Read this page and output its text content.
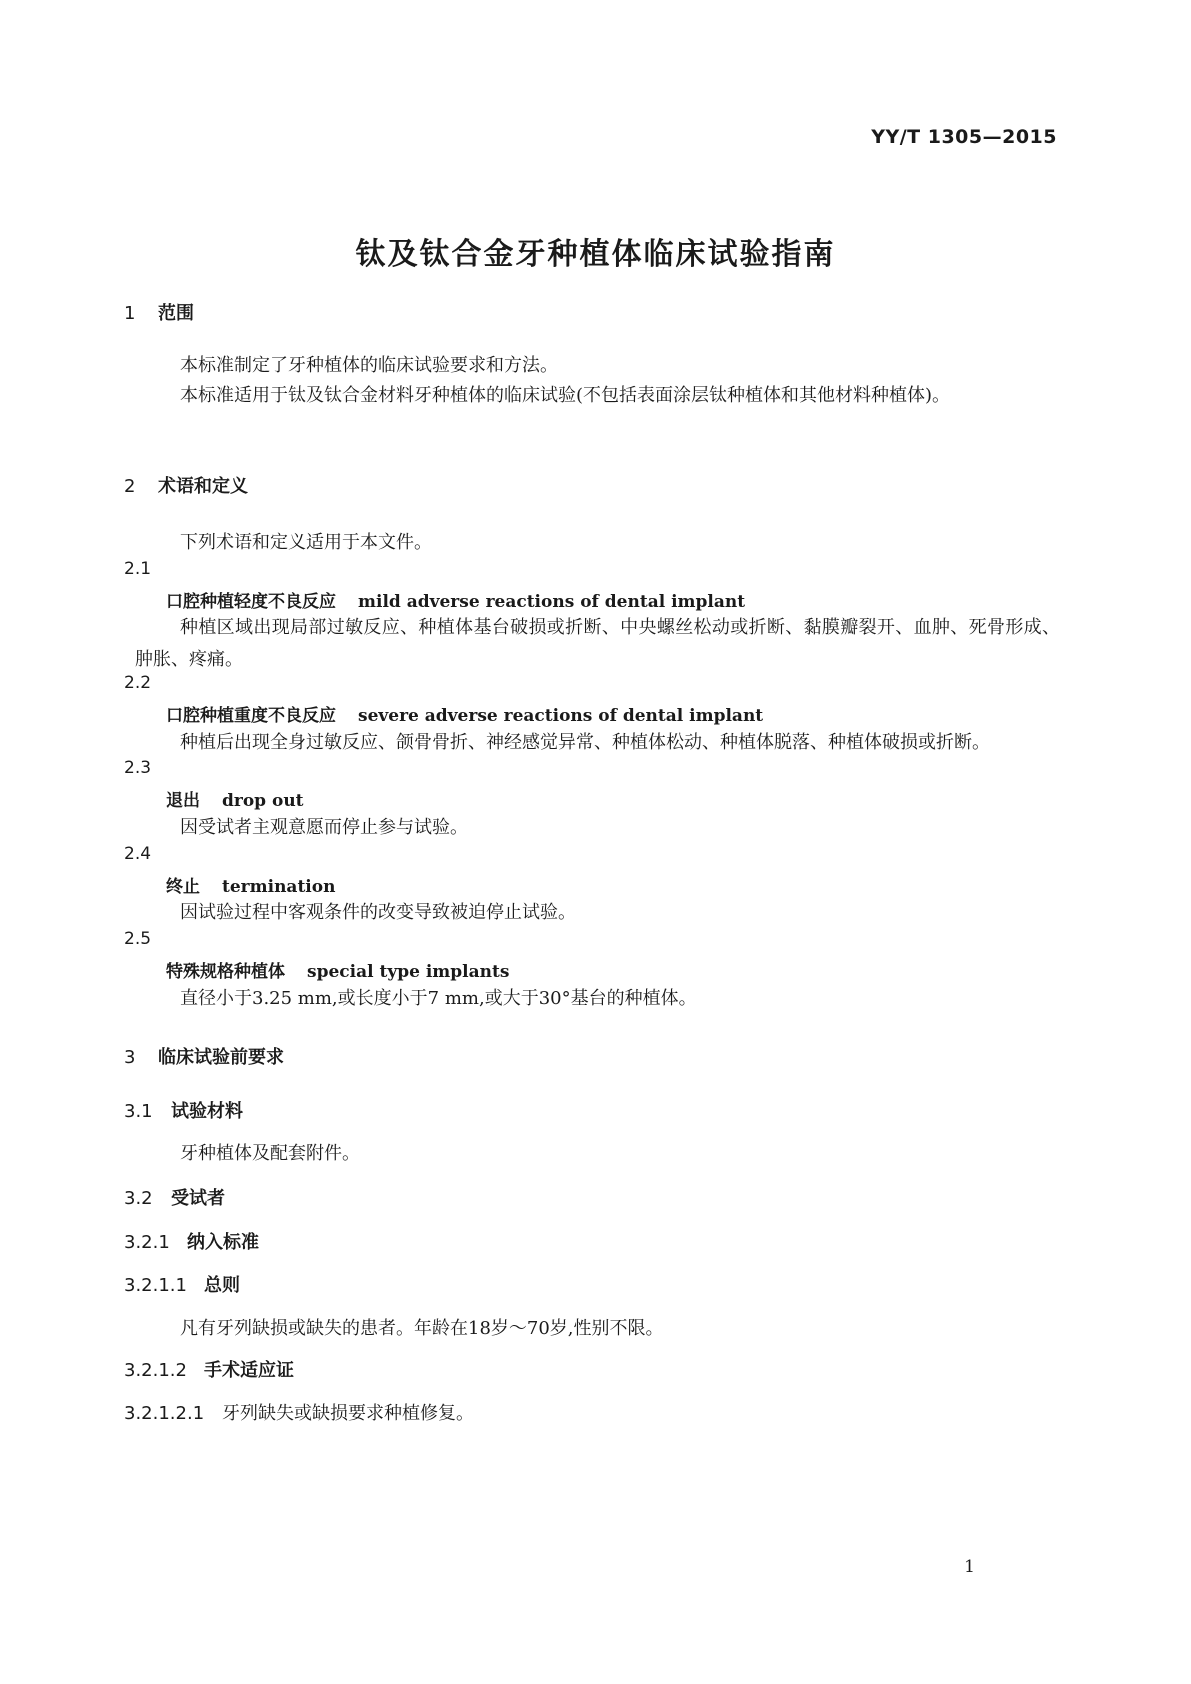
YY/T 1305—2015
钛及钛合金牙种植体临床试验指南
1 范围
本标准制定了牙种植体的临床试验要求和方法。
本标准适用于钛及钛合金材料牙种植体的临床试验(不包括表面涂层钛种植体和其他材料种植体)。
2 术语和定义
下列术语和定义适用于本文件。
2.1
口腔种植轻度不良反应 mild adverse reactions of dental implant
种植区域出现局部过敏反应、种植体基台破损或折断、中央螺丝松动或折断、黏膜瓣裂开、血肿、死骨形成、肿胀、疼痛。
2.2
口腔种植重度不良反应 severe adverse reactions of dental implant
种植后出现全身过敏反应、颌骨骨折、神经感觉异常、种植体松动、种植体脱落、种植体破损或折断。
2.3
退出 drop out
因受试者主观意愿而停止参与试验。
2.4
终止 termination
因试验过程中客观条件的改变导致被迫停止试验。
2.5
特殊规格种植体 special type implants
直径小于3.25 mm,或长度小于7 mm,或大于30°基台的种植体。
3 临床试验前要求
3.1 试验材料
牙种植体及配套附件。
3.2 受试者
3.2.1 纳入标准
3.2.1.1 总则
凡有牙列缺损或缺失的患者。年龄在18岁～70岁,性别不限。
3.2.1.2 手术适应证
3.2.1.2.1 牙列缺失或缺损要求种植修复。
1
